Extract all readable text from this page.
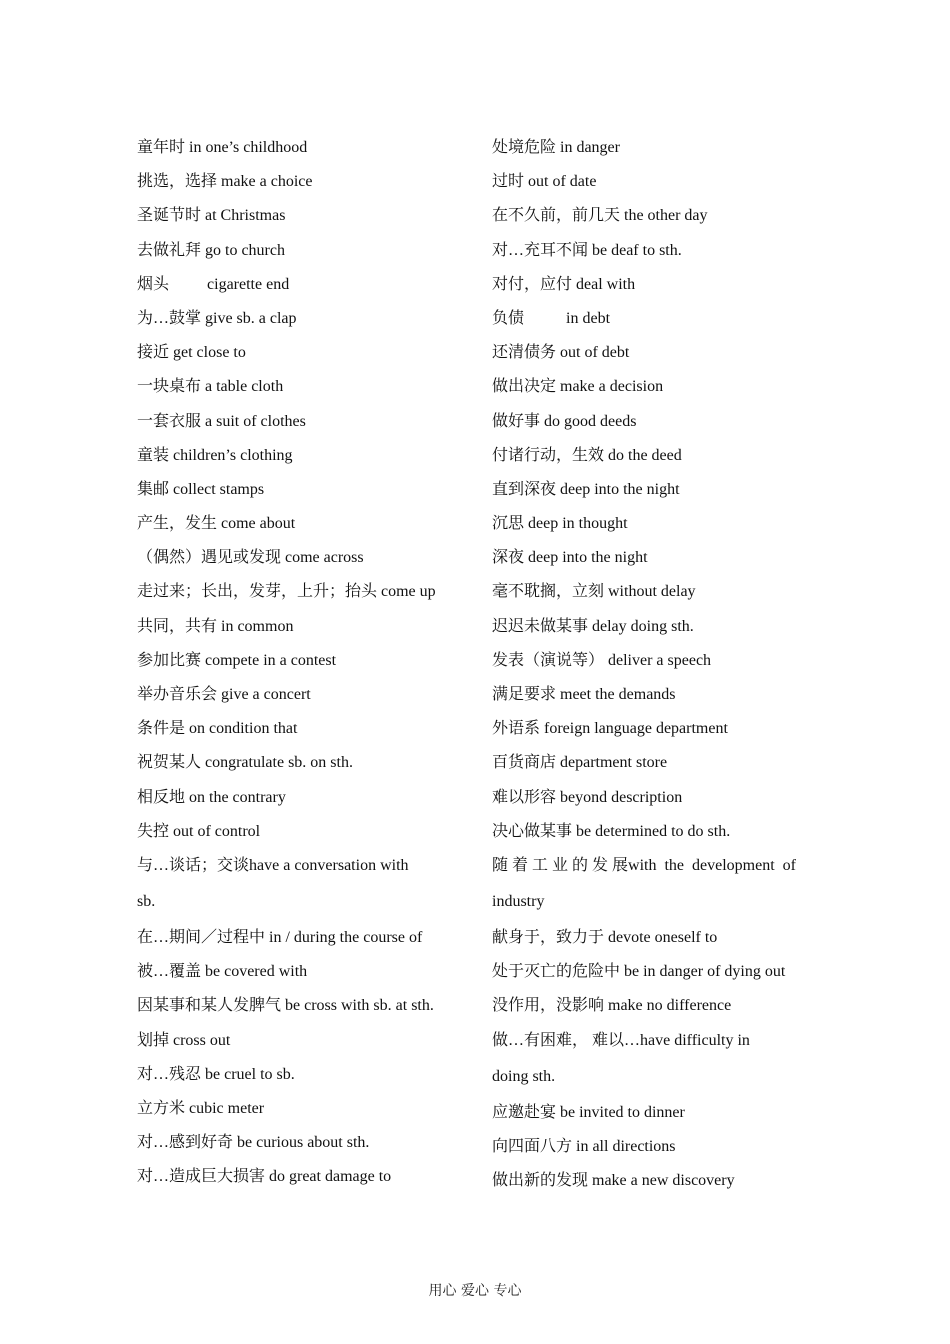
童年时 in one’s childhood
挑选，选择 make a choice
圣诞节时 at Christmas
去做礼拜 go to church
烟头 cigarette end
为…鼓掌 give sb. a clap
接近 get close to
一块桌布 a table cloth
一套衣服 a suit of clothes
童装 children’s clothing
集邮 collect stamps
产生，发生 come about
（偶然）遇见或发现 come across
走过来；长出，发芽，上升；抬头 come up
共同，共有 in common
参加比赛 compete in a contest
举办音乐会 give a concert
条件是 on condition that
祝贺某人 congratulate sb. on sth.
相反地 on the contrary
失控 out of control
与…谈话；交谈have a conversation with
sb.
在…期间／过程中 in / during the course of
被…覆盖 be covered with
因某事和某人发脾气 be cross with sb. at sth.
划掉 cross out
对…残忍 be cruel to sb.
立方米 cubic meter
对…感到好奇 be curious about sth.
对…造成巨大损害 do great damage to
处境危险 in danger
过时 out of date
在不久前，前几天 the other day
对…充耳不闻 be deaf to sth.
对付，应付 deal with
负债	in debt
还清债务 out of debt
做出决定 make a decision
做好事 do good deeds
付诸行动，生效 do the deed
直到深夜 deep into the night
沉思 deep in thought
深夜 deep into the night
毫不耽搁，立刻 without delay
迟迟未做某事 delay doing sth.
发表（演说等） deliver a speech
满足要求 meet the demands
外语系 foreign language department
百货商店 department store
难以形容 beyond description
决心做某事 be determined to do sth.
随 着 工 业 的 发 展with the development of
industry
献身于，致力于 devote oneself to
处于灭亡的危险中 be in danger of dying out
没作用，没影响 make no difference
做…有困难， 难以…have difficulty in
doing sth.
应邀赴宴 be invited to dinner
向四面八方 in all directions
做出新的发现 make a new discovery
用心 爱心 专心
